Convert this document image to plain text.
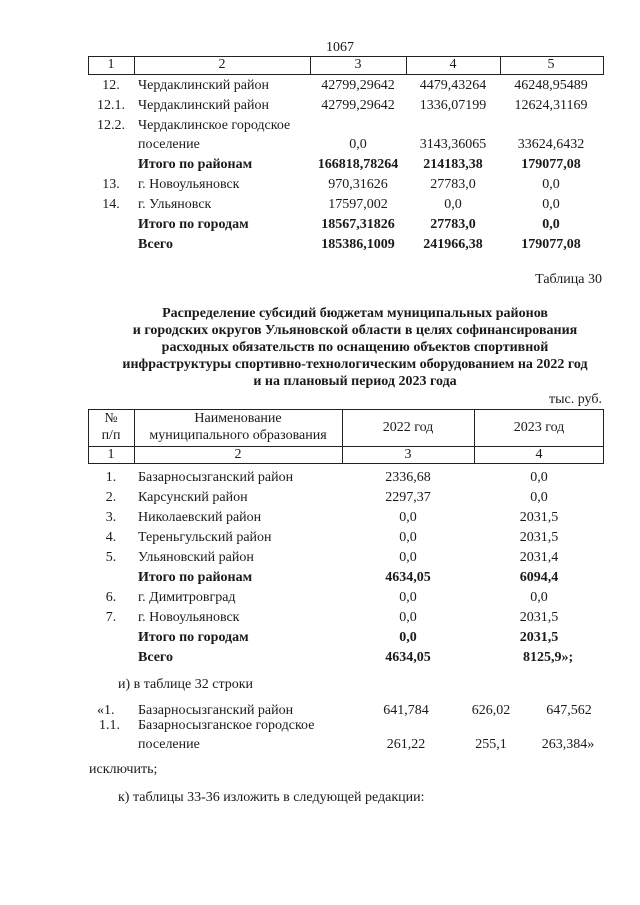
1067
1	2	3	4	5
12. Чердаклинский район	42799,29642 4479,43264 46248,95489
12.1. Чердаклинский район	42799,29642 1336,07199 12624,31169
12.2. Чердаклинское городское
поселение	0,0	3143,36065 33624,6432
Итого по районам	166818,78264 214183,38	179077,08
13. г. Новоульяновск	970,31626	27783,0	0,0
14. г. Ульяновск	17597,002	0,0	0,0
Итого по городам	18567,31826	27783,0	0,0
Всего	185386,1009 241966,38	179077,08
Таблица 30
Распределение субсидий бюджетам муниципальных районов
и городских округов Ульяновской области в целях софинансирования
расходных обязательств по оснащению объектов спортивной
инфраструктуры спортивно-технологическим оборудованием на 2022 год
и на плановый период 2023 года
тыс. руб.
№
п/п
Наименование
муниципального образования
2022 год	2023 год
1	2	3	4
1. Базарносызганский район	2336,68	0,0
2. Карсунский район	2297,37	0,0
3. Николаевский район	0,0	2031,5
4. Тереньгульский район	0,0	2031,5
5. Ульяновский район	0,0	2031,4
Итого по районам	4634,05	6094,4
6. г. Димитровград	0,0	0,0
7. г. Новоульяновск	0,0	2031,5
Итого по городам	0,0	2031,5
Всего	4634,05	8125,9»;
и) в таблице 32 строки
«1. Базарносызганский район	641,784	626,02	647,562
1.1. Базарносызганское городское
поселение	261,22	255,1	263,384»
исключить;
к) таблицы 33-36 изложить в следующей редакции:
